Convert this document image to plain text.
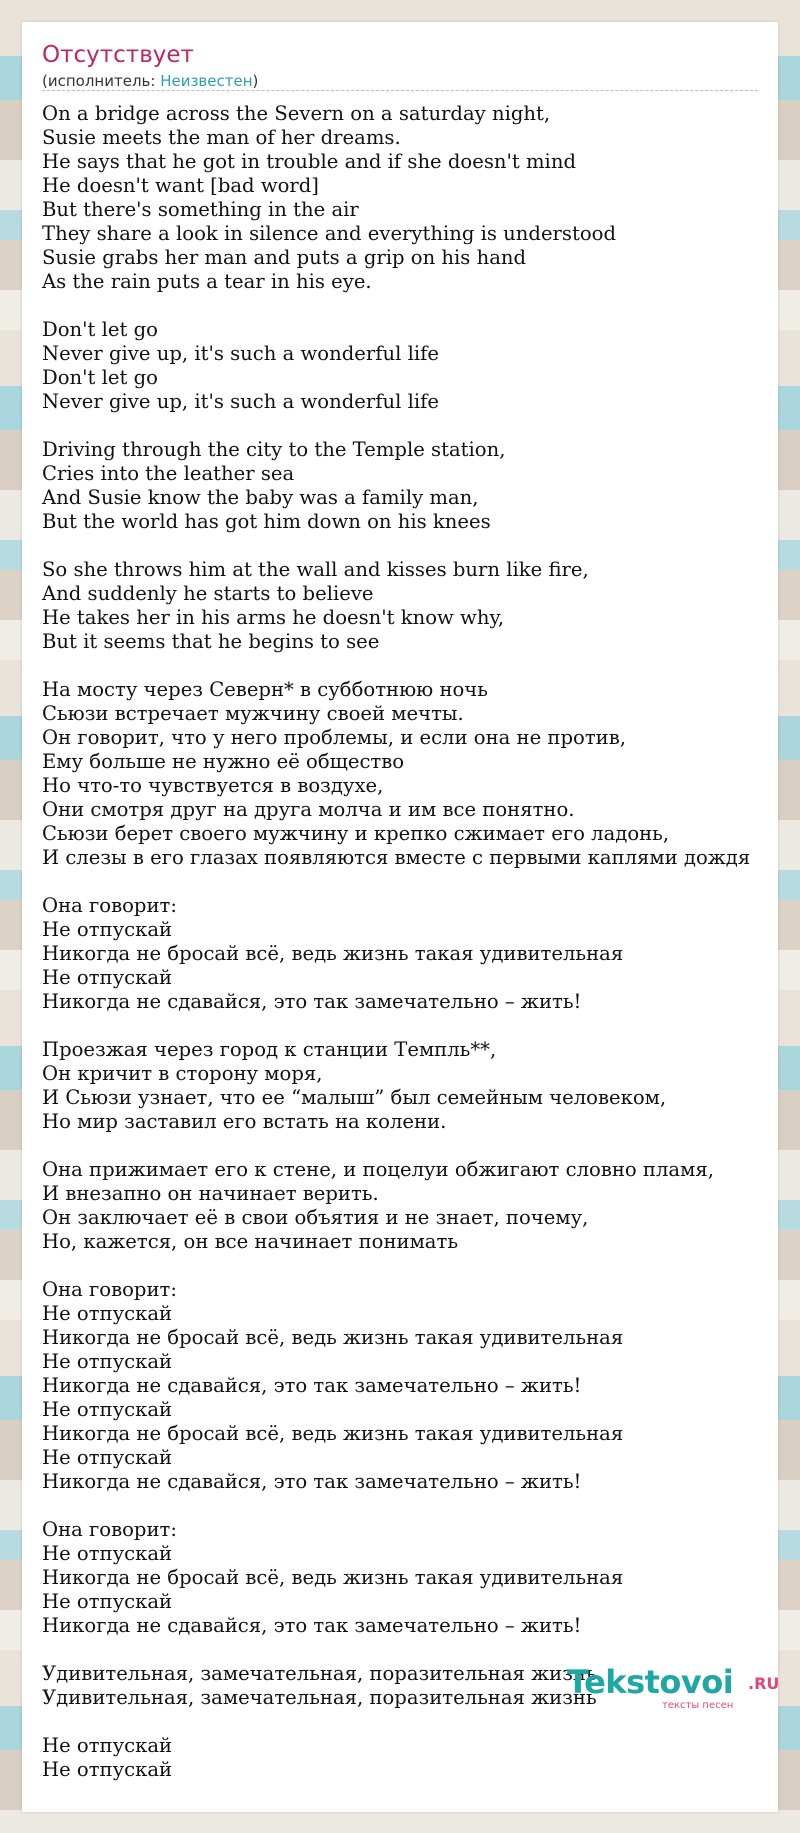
Отсутствует
(исполнитель: Неизвестен)
On a bridge across the Severn on a saturday night,
Susie meets the man of her dreams.
He says that he got in trouble and if she doesn't mind
He doesn't want [bad word]
But there's something in the air
They share a look in silence and everything is understood
Susie grabs her man and puts a grip on his hand
As the rain puts a tear in his eye.

Don't let go
Never give up, it's such a wonderful life
Don't let go
Never give up, it's such a wonderful life

Driving through the city to the Temple station,
Cries into the leather sea
And Susie know the baby was a family man,
But the world has got him down on his knees

So she throws him at the wall and kisses burn like fire,
And suddenly he starts to believe
He takes her in his arms he doesn't know why,
But it seems that he begins to see

На мосту через Северн* в субботнюю ночь
Сьюзи встречает мужчину своей мечты.
Он говорит, что у него проблемы, и если она не против,
Ему больше не нужно её общество
Но что-то чувствуется в воздухе,
Они смотря друг на друга молча и им все понятно.
Сьюзи берет своего мужчину и крепко сжимает его ладонь,
И слезы в его глазах появляются вместе с первыми каплями дождя

Она говорит:
Не отпускай
Никогда не бросай всё, ведь жизнь такая удивительная
Не отпускай
Никогда не сдавайся, это так замечательно – жить!

Проезжая через город к станции Темпль**,
Он кричит в сторону моря,
И Сьюзи узнает, что ее “малыш” был семейным человеком,
Но мир заставил его встать на колени.

Она прижимает его к стене, и поцелуи обжигают словно пламя,
И внезапно он начинает верить.
Он заключает её в свои объятия и не знает, почему,
Но, кажется, он все начинает понимать

Она говорит:
Не отпускай
Никогда не бросай всё, ведь жизнь такая удивительная
Не отпускай
Никогда не сдавайся, это так замечательно – жить!
Не отпускай
Никогда не бросай всё, ведь жизнь такая удивительная
Не отпускай
Никогда не сдавайся, это так замечательно – жить!

Она говорит:
Не отпускай
Никогда не бросай всё, ведь жизнь такая удивительная
Не отпускай
Никогда не сдавайся, это так замечательно – жить!

Удивительная, замечательная, поразительная жизнь
Удивительная, замечательная, поразительная жизнь

Не отпускай
Не отпускай
Tekstovoi .RU
тексты песен
